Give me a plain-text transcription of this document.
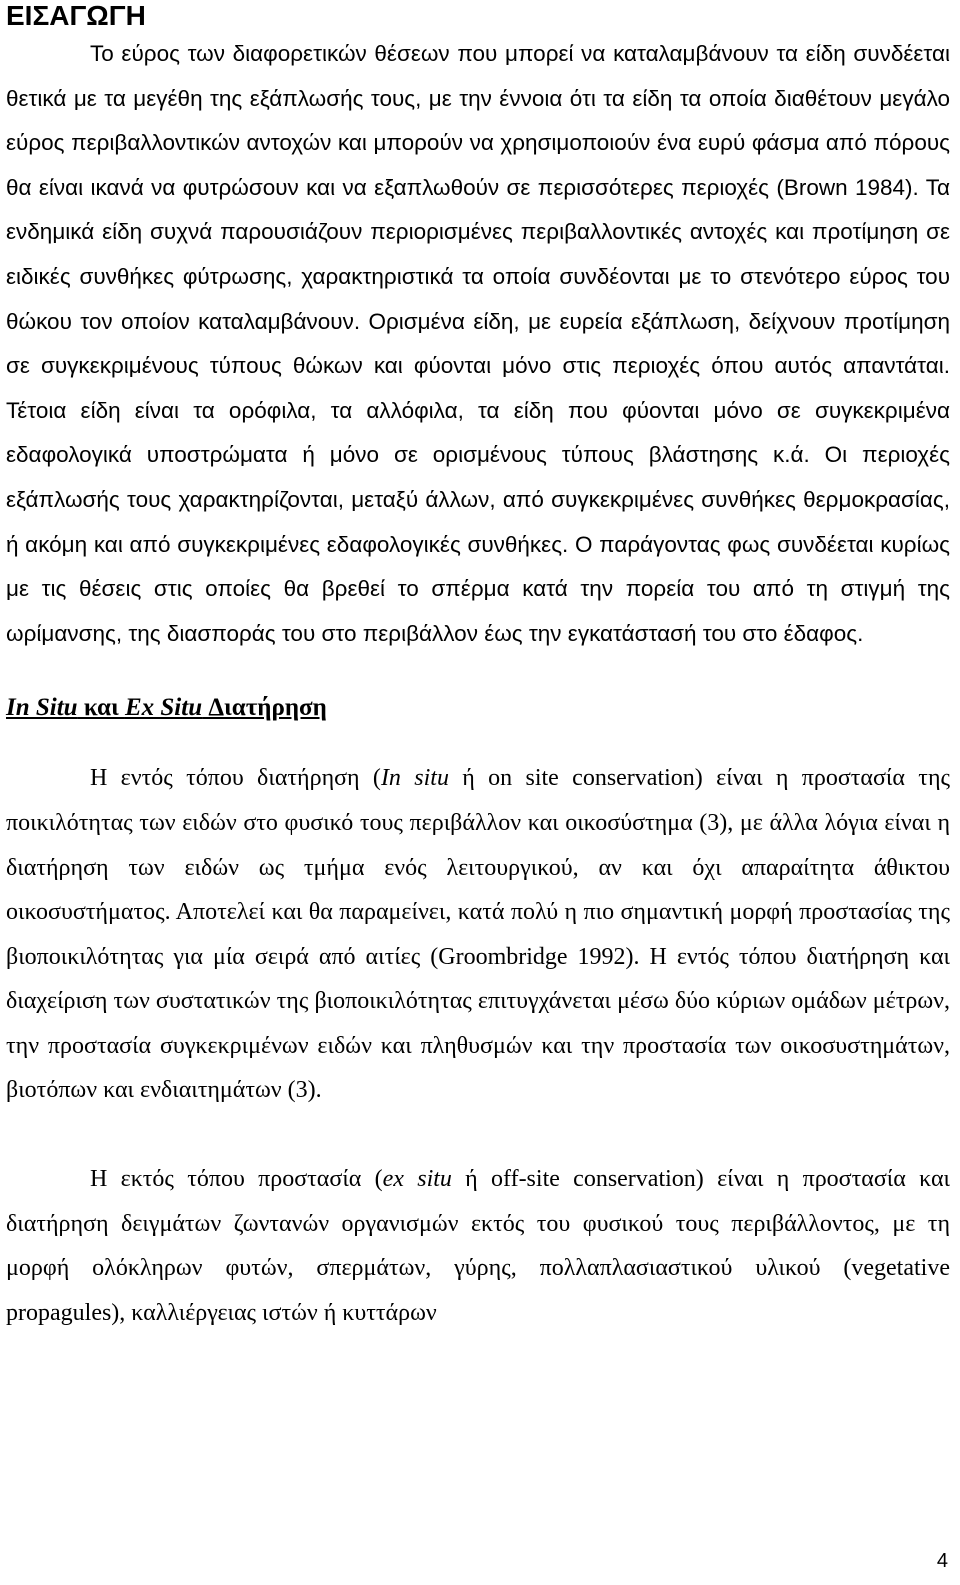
ΕΙΣΑΓΩΓΗ

Το εύρος των διαφορετικών θέσεων που μπορεί να καταλαμβάνουν τα είδη συνδέεται θετικά με τα μεγέθη της εξάπλωσής τους, με την έννοια ότι τα είδη τα οποία διαθέτουν μεγάλο εύρος περιβαλλοντικών αντοχών και μπορούν να χρησιμοποιούν ένα ευρύ φάσμα από πόρους θα είναι ικανά να φυτρώσουν και να εξαπλωθούν σε περισσότερες περιοχές (Brown 1984). Τα ενδημικά είδη συχνά παρουσιάζουν περιορισμένες περιβαλλοντικές αντοχές και προτίμηση σε ειδικές συνθήκες φύτρωσης, χαρακτηριστικά τα οποία συνδέονται με το στενότερο εύρος του θώκου τον οποίον καταλαμβάνουν. Ορισμένα είδη, με ευρεία εξάπλωση, δείχνουν προτίμηση σε συγκεκριμένους τύπους θώκων και φύονται μόνο στις περιοχές όπου αυτός απαντάται. Τέτοια είδη είναι τα ορόφιλα, τα αλλόφιλα, τα είδη που φύονται μόνο σε συγκεκριμένα εδαφολογικά υποστρώματα ή μόνο σε ορισμένους τύπους βλάστησης κ.ά. Οι περιοχές εξάπλωσής τους χαρακτηρίζονται, μεταξύ άλλων, από συγκεκριμένες συνθήκες θερμοκρασίας, ή ακόμη και από συγκεκριμένες εδαφολογικές συνθήκες. Ο παράγοντας φως συνδέεται κυρίως με τις θέσεις στις οποίες θα βρεθεί το σπέρμα κατά την πορεία του από τη στιγμή της ωρίμανσης, της διασποράς του στο περιβάλλον έως την εγκατάστασή του στο έδαφος.

In Situ και Ex Situ Διατήρηση

Η εντός τόπου διατήρηση (In situ ή on site conservation) είναι η προστασία της ποικιλότητας των ειδών στο φυσικό τους περιβάλλον και οικοσύστημα (3), με άλλα λόγια είναι η διατήρηση των ειδών ως τμήμα ενός λειτουργικού, αν και όχι απαραίτητα άθικτου οικοσυστήματος. Αποτελεί και θα παραμείνει, κατά πολύ η πιο σημαντική μορφή προστασίας της βιοποικιλότητας για μία σειρά από αιτίες (Groombridge 1992). Η εντός τόπου διατήρηση και διαχείριση των συστατικών της βιοποικιλότητας επιτυγχάνεται μέσω δύο κύριων ομάδων μέτρων, την προστασία συγκεκριμένων ειδών και πληθυσμών και την προστασία των οικοσυστημάτων, βιοτόπων και ενδιαιτημάτων (3).

Η εκτός τόπου προστασία (ex situ ή off-site conservation) είναι η προστασία και διατήρηση δειγμάτων ζωντανών οργανισμών εκτός του φυσικού τους περιβάλλοντος, με τη μορφή ολόκληρων φυτών, σπερμάτων, γύρης, πολλαπλασιαστικού υλικού (vegetative propagules), καλλιέργειας ιστών ή κυττάρων

4
